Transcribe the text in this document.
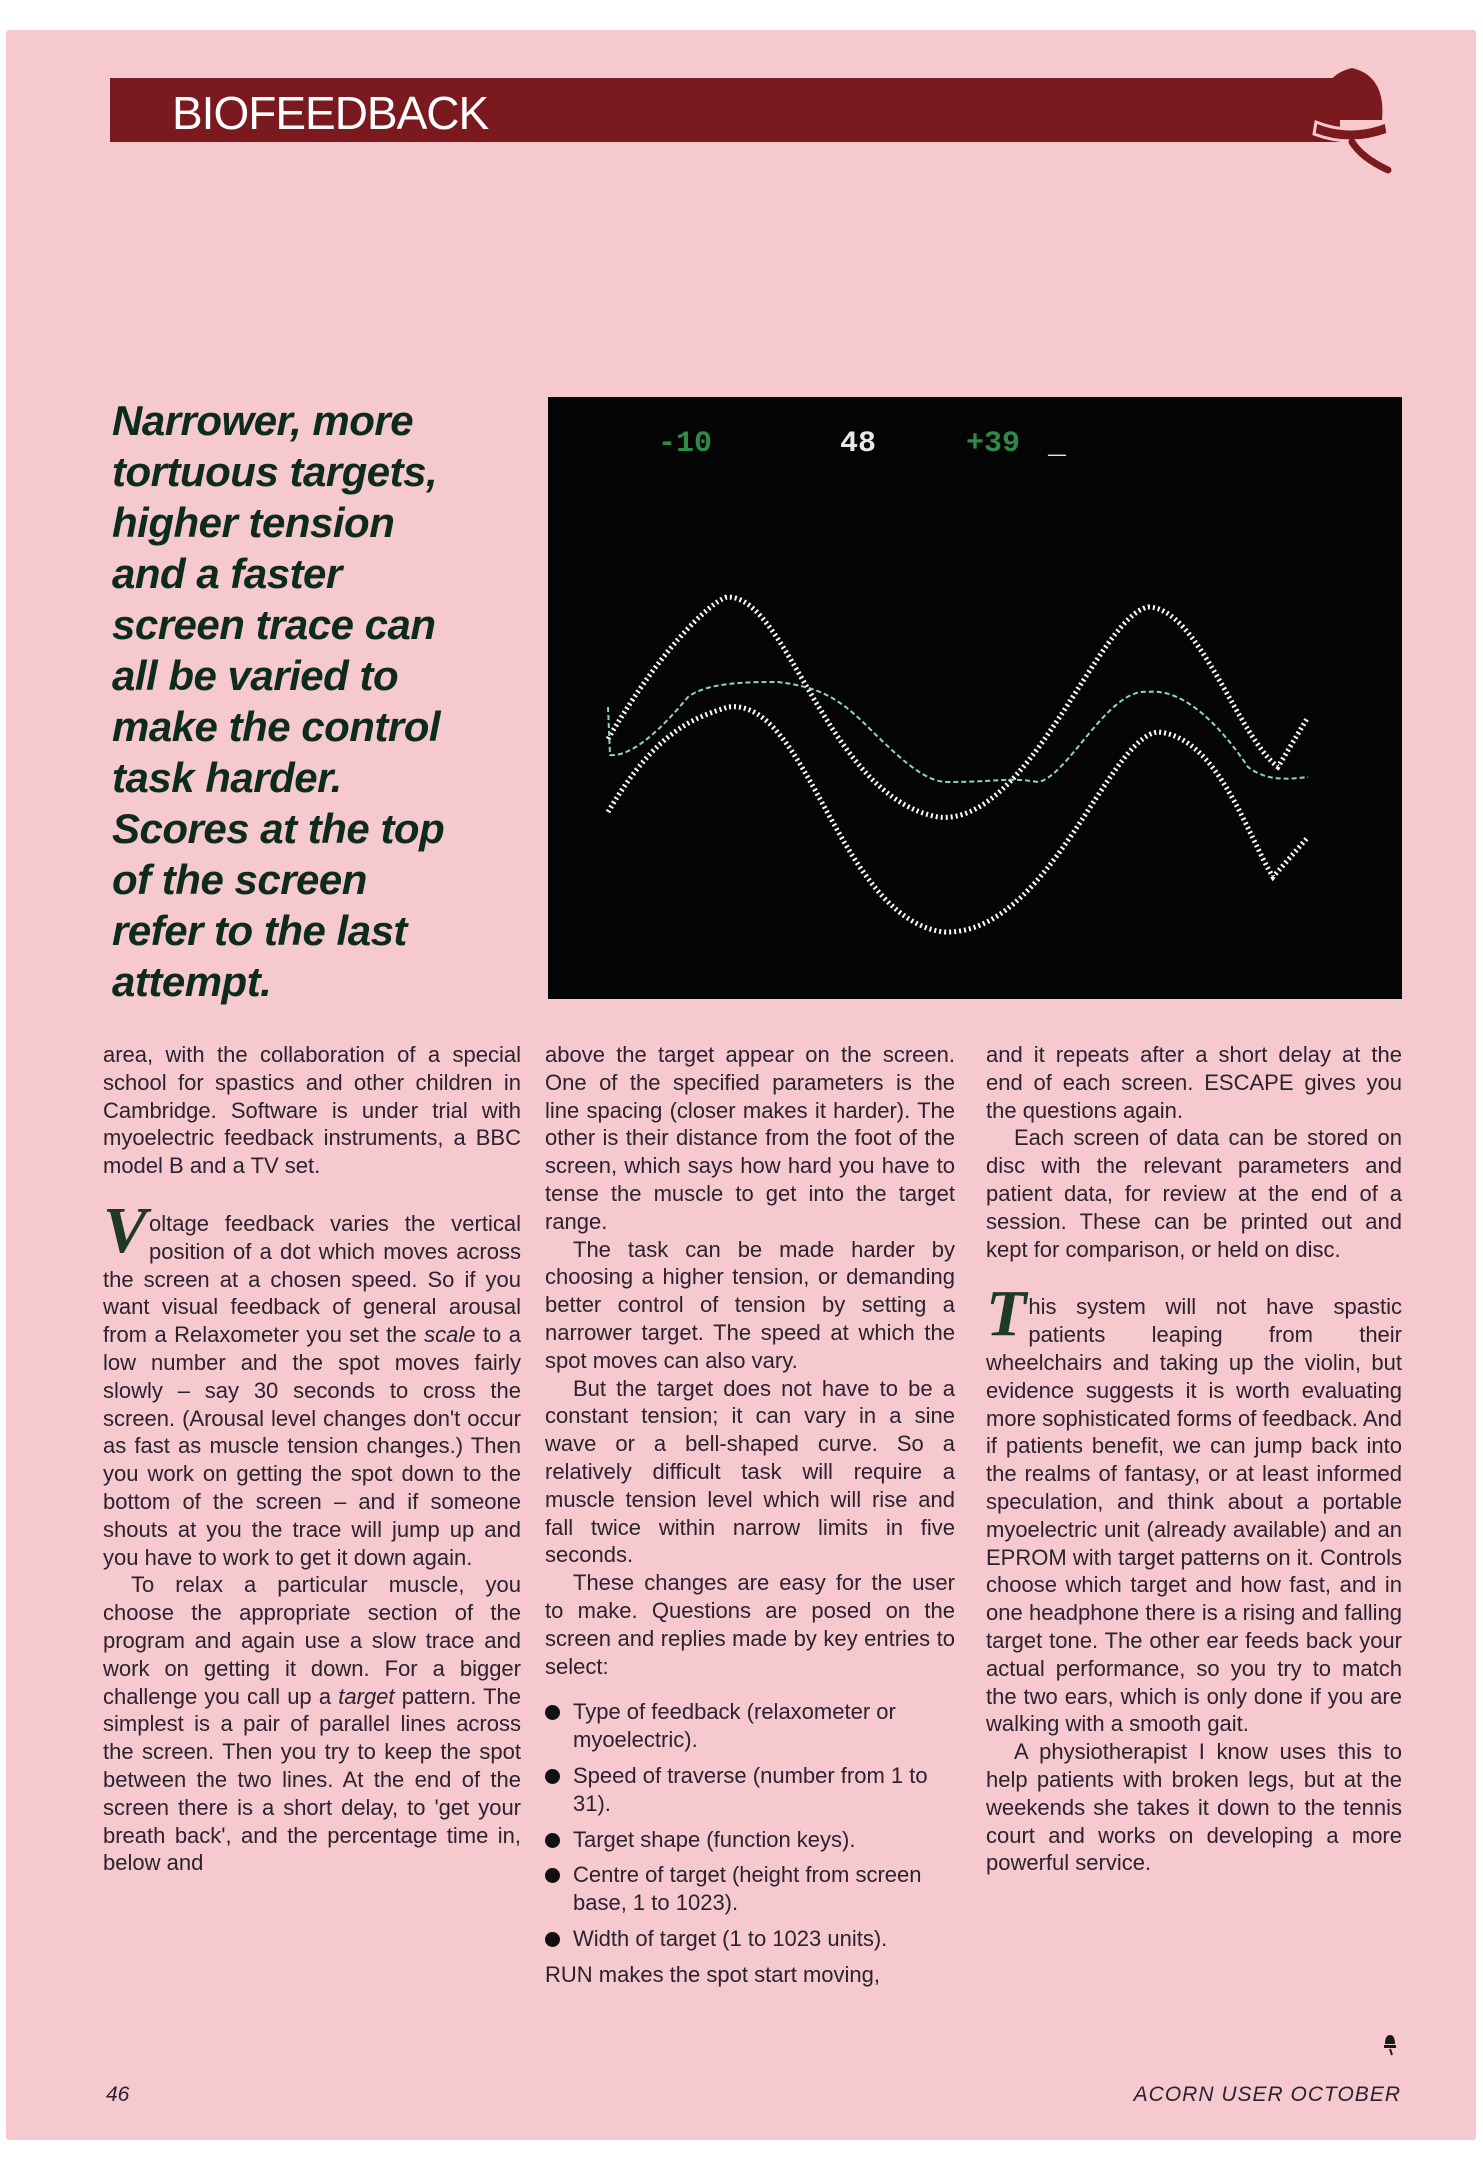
BIOFEEDBACK
Narrower, more
tortuous targets,
higher tension
and a faster
screen trace can
all be varied to
make the control
task harder.
Scores at the top
of the screen
refer to the last
attempt.
-10	48	+39 _

area, with the collaboration of a special school for spastics and other children in Cambridge. Software is under trial with myoelectric feedback instruments, a BBC model B and a TV set.

Voltage feedback varies the vertical position of a dot which moves across the screen at a chosen speed. So if you want visual feedback of general arousal from a Relaxometer you set the scale to a low number and the spot moves fairly slowly – say 30 seconds to cross the screen. (Arousal level changes don't occur as fast as muscle tension changes.) Then you work on getting the spot down to the bottom of the screen – and if someone shouts at you the trace will jump up and you have to work to get it down again.

To relax a particular muscle, you choose the appropriate section of the program and again use a slow trace and work on getting it down. For a bigger challenge you call up a target pattern. The simplest is a pair of parallel lines across the screen. Then you try to keep the spot between the two lines. At the end of the screen there is a short delay, to 'get your breath back', and the percentage time in, below and

above the target appear on the screen. One of the specified parameters is the line spacing (closer makes it harder). The other is their distance from the foot of the screen, which says how hard you have to tense the muscle to get into the target range.

The task can be made harder by choosing a higher tension, or demanding better control of tension by setting a narrower target. The speed at which the spot moves can also vary.

But the target does not have to be a constant tension; it can vary in a sine wave or a bell-shaped curve. So a relatively difficult task will require a muscle tension level which will rise and fall twice within narrow limits in five seconds.

These changes are easy for the user to make. Questions are posed on the screen and replies made by key entries to select:

Type of feedback (relaxometer or myoelectric).
Speed of traverse (number from 1 to 31).
Target shape (function keys).
Centre of target (height from screen base, 1 to 1023).
Width of target (1 to 1023 units).

RUN makes the spot start moving,

and it repeats after a short delay at the end of each screen. ESCAPE gives you the questions again.

Each screen of data can be stored on disc with the relevant parameters and patient data, for review at the end of a session. These can be printed out and kept for comparison, or held on disc.

This system will not have spastic patients leaping from their wheelchairs and taking up the violin, but evidence suggests it is worth evaluating more sophisticated forms of feedback. And if patients benefit, we can jump back into the realms of fantasy, or at least informed speculation, and think about a portable myoelectric unit (already available) and an EPROM with target patterns on it. Controls choose which target and how fast, and in one headphone there is a rising and falling target tone. The other ear feeds back your actual performance, so you try to match the two ears, which is only done if you are walking with a smooth gait.

A physiotherapist I know uses this to help patients with broken legs, but at the weekends she takes it down to the tennis court and works on developing a more powerful service.

46	ACORN USER OCTOBER
